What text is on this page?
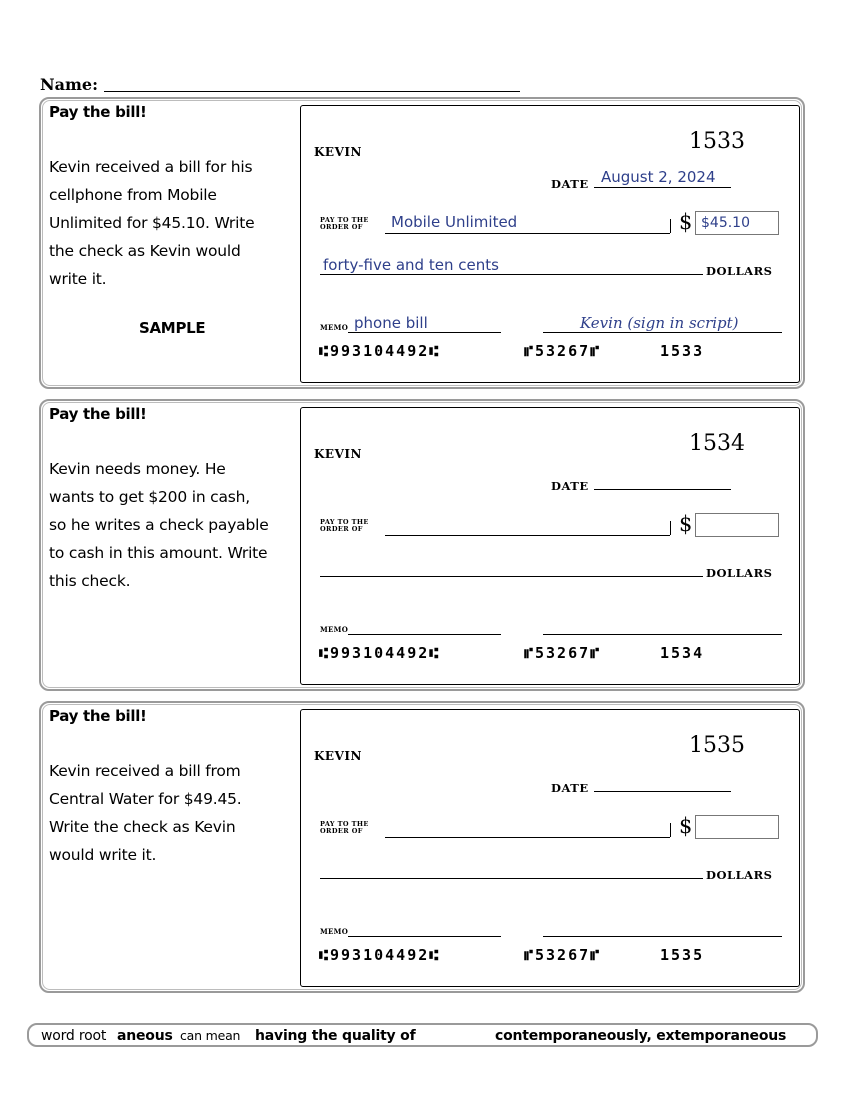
Name:
Pay the bill!
Kevin received a bill for his cellphone from Mobile Unlimited for $45.10. Write the check as Kevin would write it.
SAMPLE
KEVIN	1533
DATE August 2, 2024
PAY TO THE
ORDER OF	Mobile Unlimited	$ $45.10
forty-five and ten cents	DOLLARS
MEMO phone bill	Kevin (sign in script)
⑆993104492⑆	⑈53267⑈	1533
Pay the bill!
Kevin needs money. He wants to get $200 in cash, so he writes a check payable to cash in this amount. Write this check.
KEVIN	1534
DATE
PAY TO THE
ORDER OF	$
DOLLARS
MEMO
⑆993104492⑆	⑈53267⑈	1534
Pay the bill!
Kevin received a bill from Central Water for $49.45. Write the check as Kevin would write it.
KEVIN	1535
DATE
PAY TO THE
ORDER OF	$
DOLLARS
MEMO
⑆993104492⑆	⑈53267⑈	1535
word root aneous can mean having the quality of	contemporaneously, extemporaneous
